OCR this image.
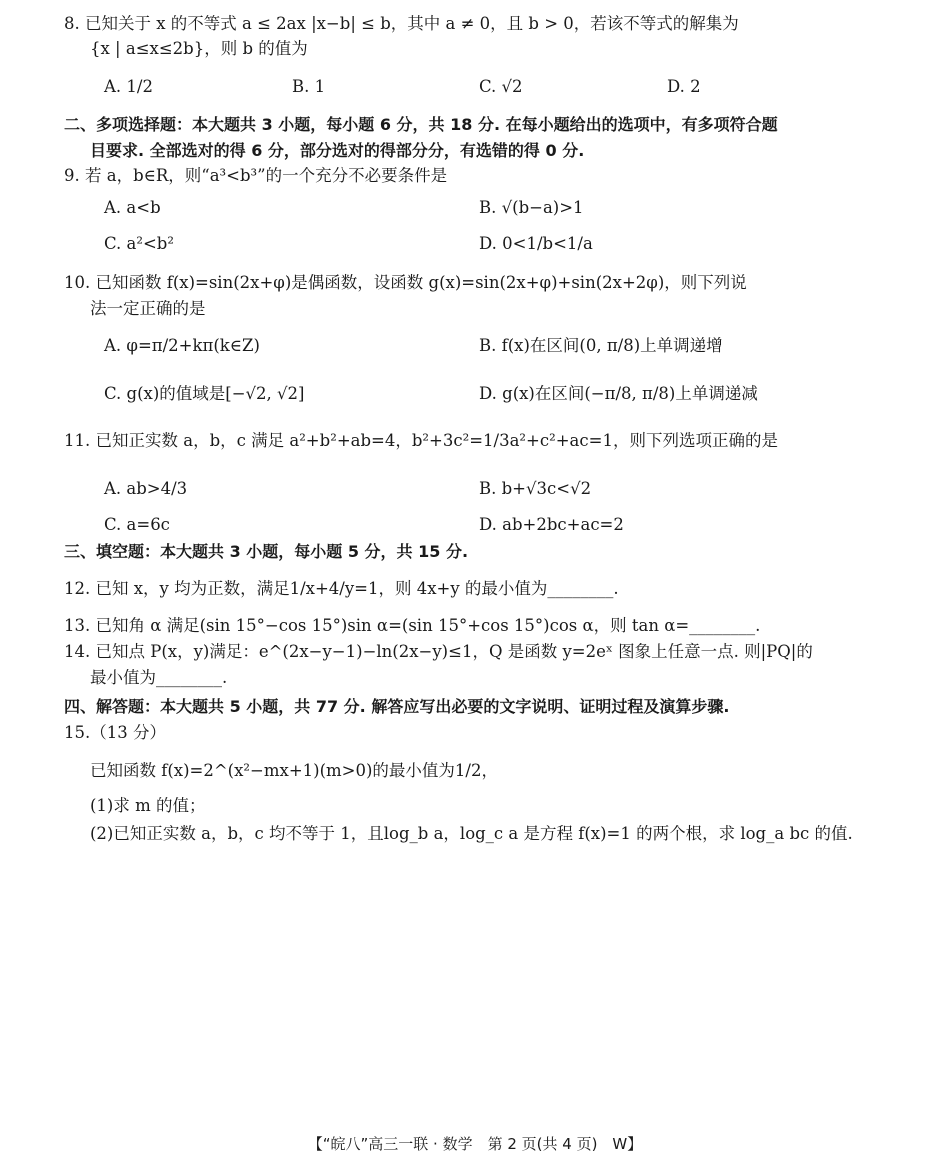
8. 已知关于 x 的不等式 a ≤ 2ax |x−b| ≤ b，其中 a ≠ 0，且 b > 0，若该不等式的解集为
{x | a≤x≤2b}，则 b 的值为
A. 1/2	B. 1	C. √2	D. 2
二、多项选择题：本大题共 3 小题，每小题 6 分，共 18 分. 在每小题给出的选项中，有多项符合题
目要求. 全部选对的得 6 分，部分选对的得部分分，有选错的得 0 分.
9. 若 a，b∈R，则“a³<b³”的一个充分不必要条件是
A. a<b	B. √(b−a)>1
C. a²<b²	D. 0<1/b<1/a
10. 已知函数 f(x)=sin(2x+φ)是偶函数，设函数 g(x)=sin(2x+φ)+sin(2x+2φ)，则下列说
法一定正确的是
A. φ=π/2+kπ(k∈Z)	B. f(x)在区间(0, π/8)上单调递增
C. g(x)的值域是[−√2, √2]	D. g(x)在区间(−π/8, π/8)上单调递减
11. 已知正实数 a，b，c 满足 a²+b²+ab=4，b²+3c²=1/3a²+c²+ac=1，则下列选项正确的是
A. ab>4/3	B. b+√3c<√2
C. a=6c	D. ab+2bc+ac=2
三、填空题：本大题共 3 小题，每小题 5 分，共 15 分.
12. 已知 x，y 均为正数，满足1/x+4/y=1，则 4x+y 的最小值为________.
13. 已知角 α 满足(sin 15°−cos 15°)sin α=(sin 15°+cos 15°)cos α，则 tan α=________.
14. 已知点 P(x，y)满足：e^(2x−y−1)−ln(2x−y)≤1，Q 是函数 y=2eˣ 图象上任意一点. 则|PQ|的
最小值为________.
四、解答题：本大题共 5 小题，共 77 分. 解答应写出必要的文字说明、证明过程及演算步骤.
15.（13 分）
已知函数 f(x)=2^(x²−mx+1)(m>0)的最小值为1/2，
(1)求 m 的值；
(2)已知正实数 a，b，c 均不等于 1，且log_b a，log_c a 是方程 f(x)=1 的两个根，求 log_a bc 的值.
【“皖八”高三一联 · 数学　第 2 页(共 4 页)　W】
